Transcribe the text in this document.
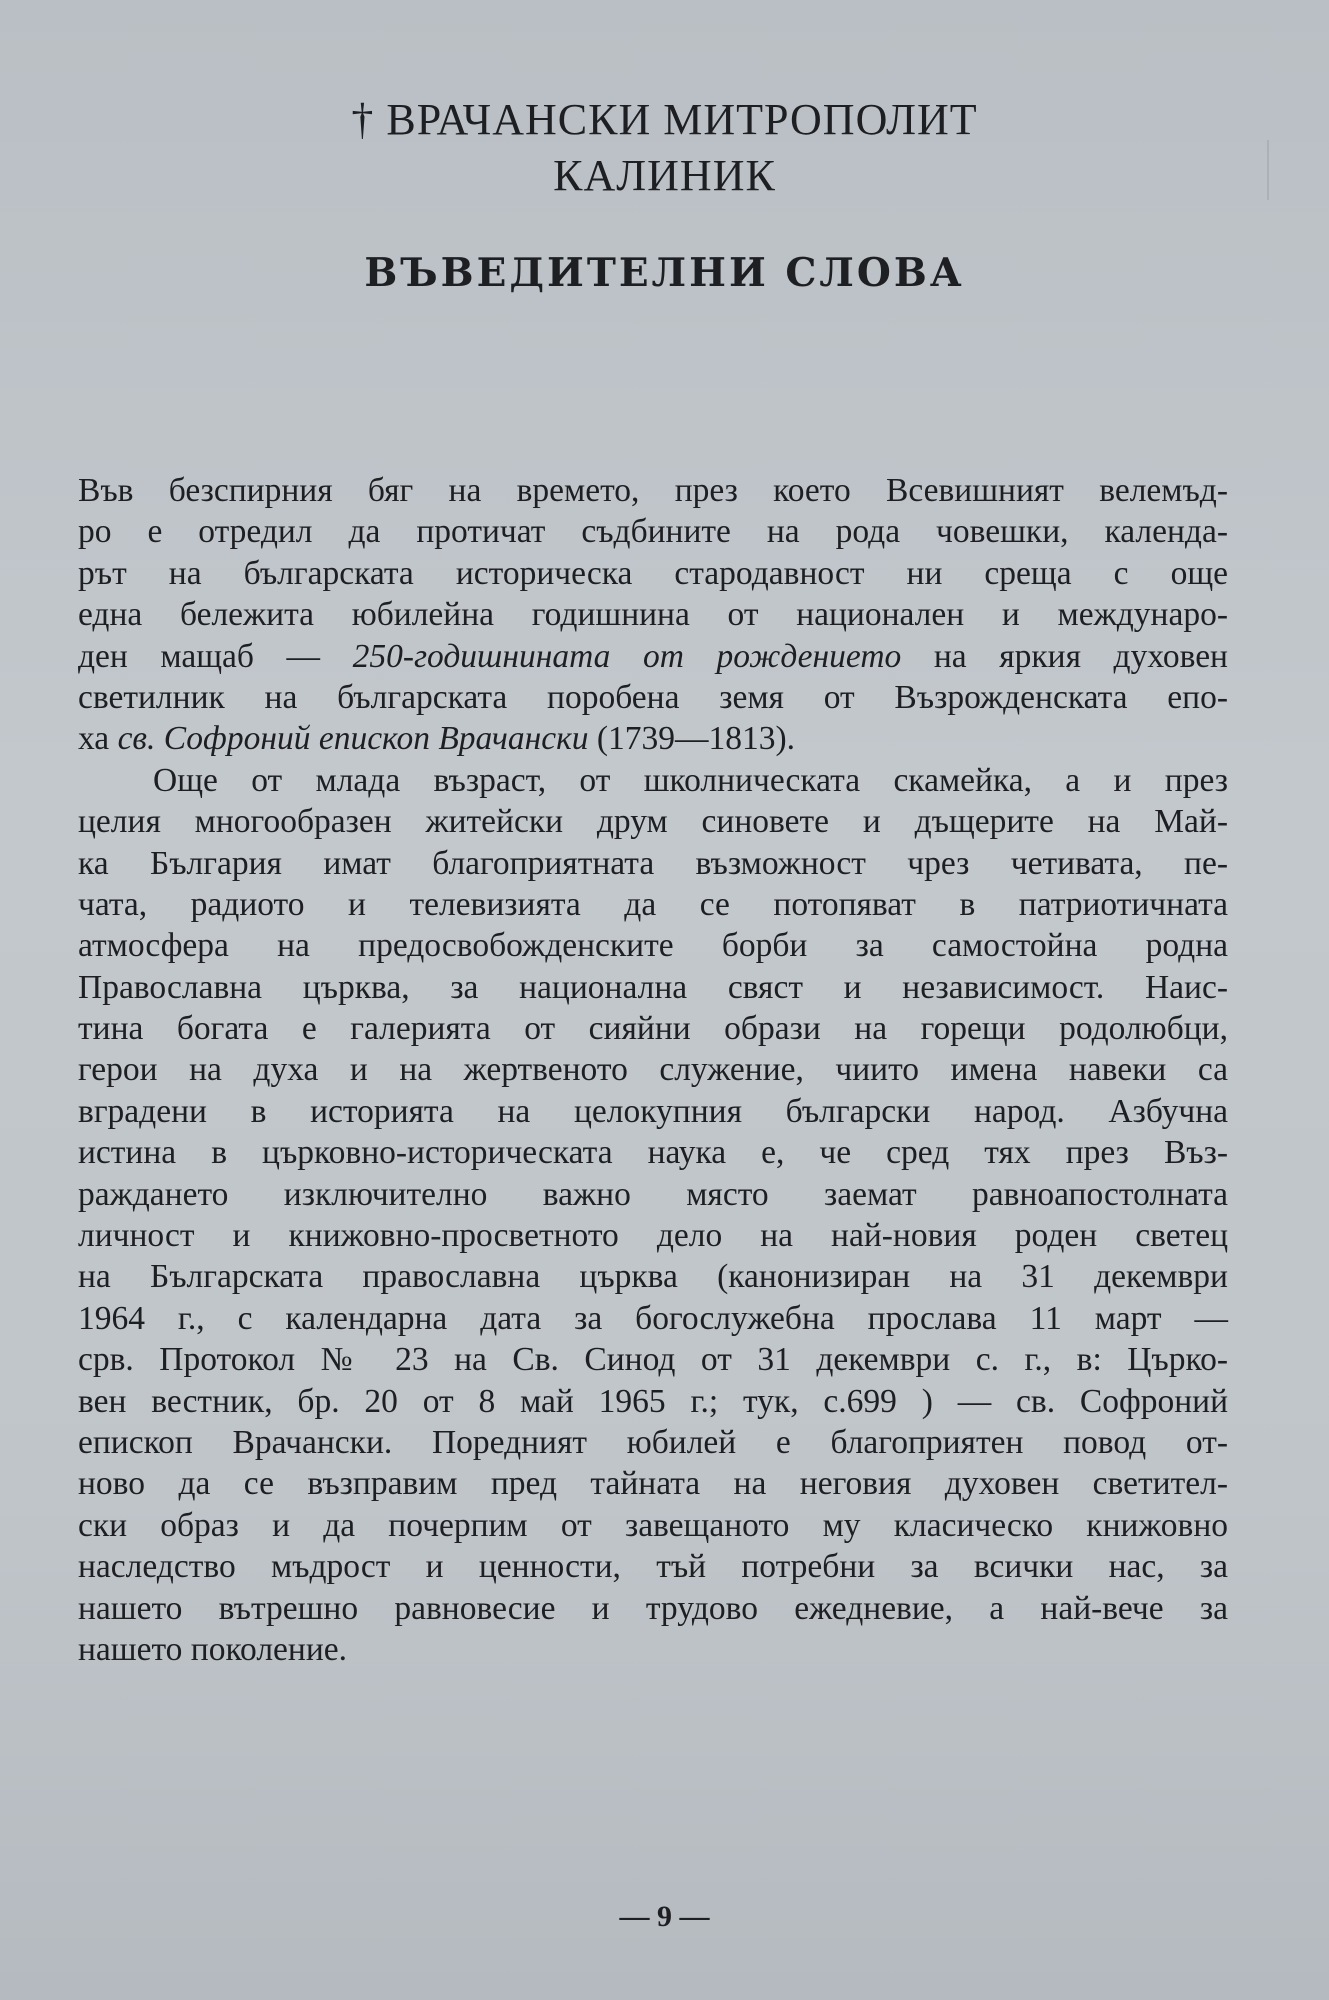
† ВРАЧАНСКИ МИТРОПОЛИТ
КАЛИНИК
ВЪВЕДИТЕЛНИ СЛОВА
Във безспирния бяг на времето, през което Всевишният велемъд-
ро е отредил да протичат съдбините на рода човешки, календа-
рът на българската историческа стародавност ни среща с още
една бележита юбилейна годишнина от национален и междунаро-
ден мащаб — 250-годишнината от рождението на яркия духовен
светилник на българската поробена земя от Възрожденската епо-
ха св. Софроний епископ Врачански (1739—1813).
Още от млада възраст, от школническата скамейка, а и през
целия многообразен житейски друм синовете и дъщерите на Май-
ка България имат благоприятната възможност чрез четивата, пе-
чата, радиото и телевизията да се потопяват в патриотичната
атмосфера на предосвобожденските борби за самостойна родна
Православна църква, за национална свяст и независимост. Наис-
тина богата е галерията от сияйни образи на горещи родолюбци,
герои на духа и на жертвеното служение, чиито имена навеки са
вградени в историята на целокупния български народ. Азбучна
истина в църковно-историческата наука е, че сред тях през Въз-
раждането изключително важно място заемат равноапостолната
личност и книжовно-просветното дело на най-новия роден светец
на Българската православна църква (канонизиран на 31 декември
1964 г., с календарна дата за богослужебна прослава 11 март —
срв. Протокол № 23 на Св. Синод от 31 декември с. г., в: Църко-
вен вестник, бр. 20 от 8 май 1965 г.; тук, с.699 ) — св. Софроний
епископ Врачански. Поредният юбилей е благоприятен повод от-
ново да се възправим пред тайната на неговия духовен светител-
ски образ и да почерпим от завещаното му класическо книжовно
наследство мъдрост и ценности, тъй потребни за всички нас, за
нашето вътрешно равновесие и трудово ежедневие, а най-вече за
нашето поколение.
— 9 —
